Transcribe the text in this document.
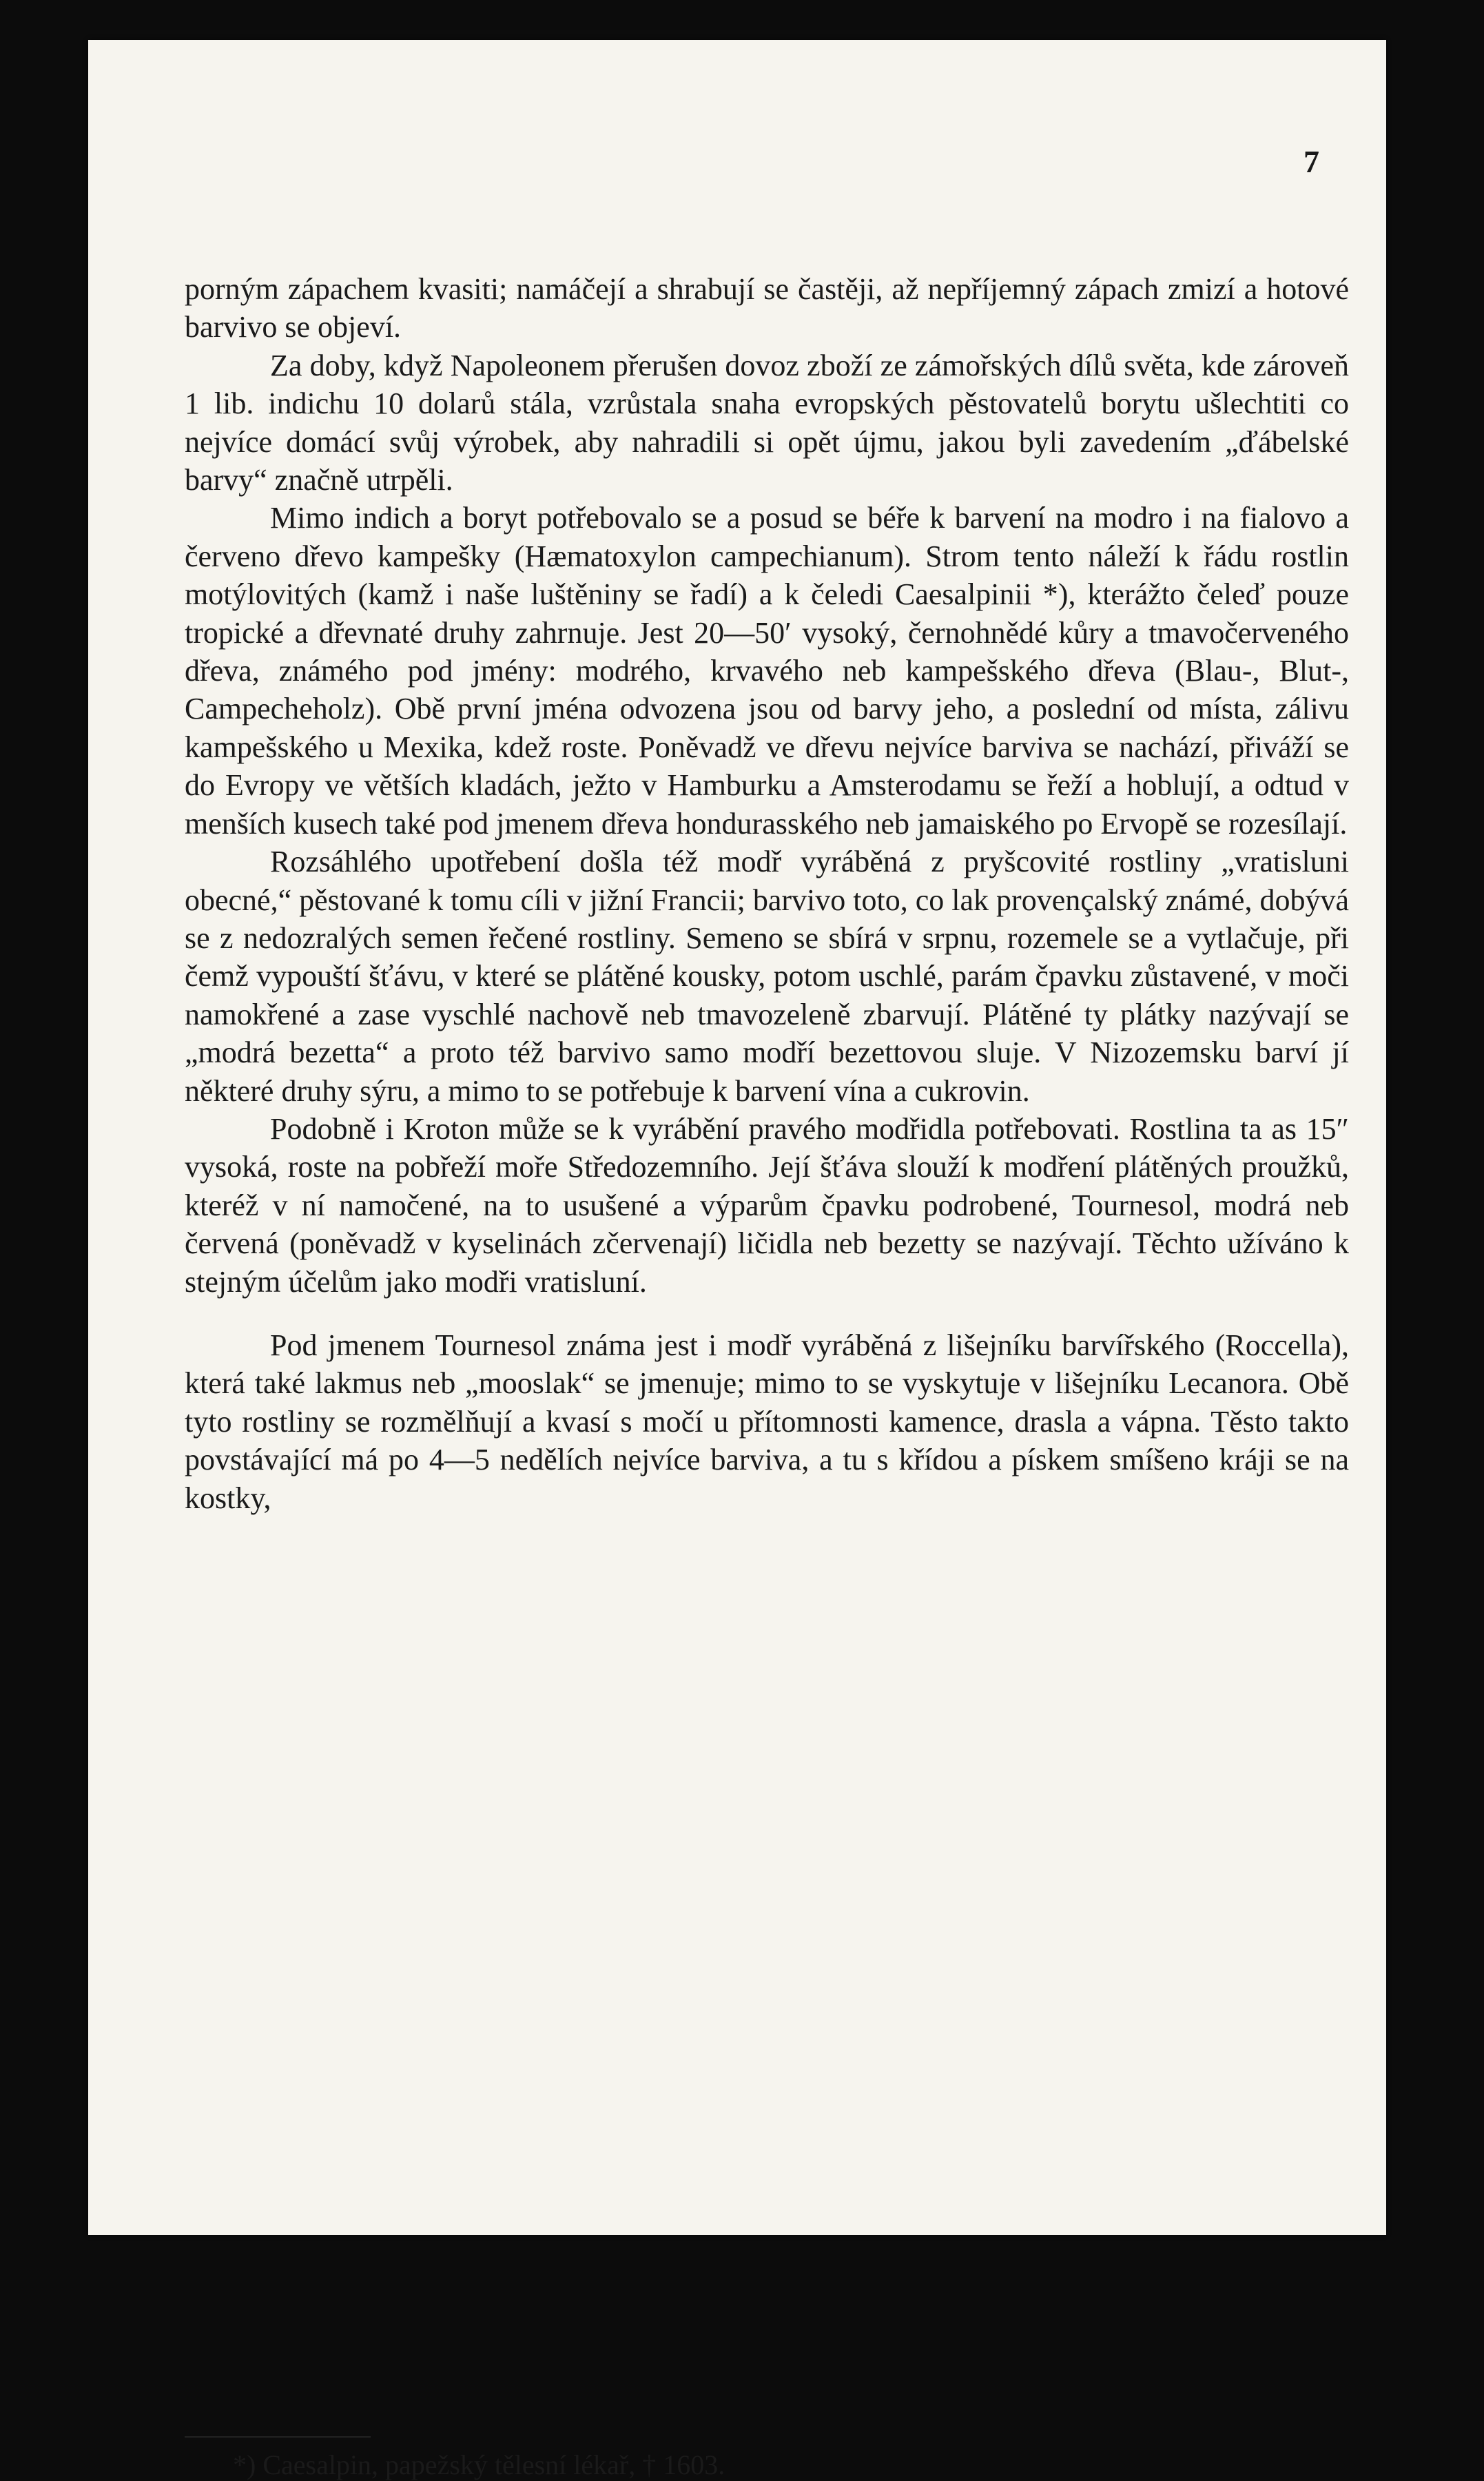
7

porným zápachem kvasiti; namáčejí a shrabují se častěji, až nepříjemný zápach zmizí a hotové barvivo se objeví.

Za doby, když Napoleonem přerušen dovoz zboží ze zámořských dílů světa, kde zároveň 1 lib. indichu 10 dolarů stála, vzrůstala snaha evropských pěstovatelů borytu ušlechtiti co nejvíce domácí svůj výrobek, aby nahradili si opět újmu, jakou byli zavedením „ďábelské barvy“ značně utrpěli.

Mimo indich a boryt potřebovalo se a posud se béře k barvení na modro i na fialovo a červeno dřevo kampešky (Hæmatoxylon campechianum). Strom tento náleží k řádu rostlin motýlovitých (kamž i naše luštěniny se řadí) a k čeledi Caesalpinii *), kterážto čeleď pouze tropické a dřevnaté druhy zahrnuje. Jest 20—50′ vysoký, černohnědé kůry a tmavočerveného dřeva, známého pod jmény: modrého, krvavého neb kampešského dřeva (Blau-, Blut-, Campecheholz). Obě první jména odvozena jsou od barvy jeho, a poslední od místa, zálivu kampešského u Mexika, kdež roste. Poněvadž ve dřevu nejvíce barviva se nachází, přiváží se do Evropy ve větších kladách, ježto v Hamburku a Amsterodamu se řeží a hoblují, a odtud v menších kusech také pod jmenem dřeva hondurasského neb jamaiského po Ervopě se rozesílají.

Rozsáhlého upotřebení došla též modř vyráběná z pryšcovité rostliny „vratisluni obecné,“ pěstované k tomu cíli v jižní Francii; barvivo toto, co lak provençalský známé, dobývá se z nedozralých semen řečené rostliny. Semeno se sbírá v srpnu, rozemele se a vytlačuje, při čemž vypouští šťávu, v které se plátěné kousky, potom uschlé, parám čpavku zůstavené, v moči namokřené a zase vyschlé nachově neb tmavozeleně zbarvují. Plátěné ty plátky nazývají se „modrá bezetta“ a proto též barvivo samo modří bezettovou sluje. V Nizozemsku barví jí některé druhy sýru, a mimo to se potřebuje k barvení vína a cukrovin.

Podobně i Kroton může se k vyrábění pravého modřidla potřebovati. Rostlina ta as 15″ vysoká, roste na pobřeží moře Středozemního. Její šťáva slouží k modření plátěných proužků, kteréž v ní namočené, na to usušené a výparům čpavku podrobené, Tournesol, modrá neb červená (poněvadž v kyselinách zčervenají) ličidla neb bezetty se nazývají. Těchto užíváno k stejným účelům jako modři vratisluní.

Pod jmenem Tournesol známa jest i modř vyráběná z lišejníku barvířského (Roccella), která také lakmus neb „mooslak“ se jmenuje; mimo to se vyskytuje v lišejníku Lecanora. Obě tyto rostliny se rozmělňují a kvasí s močí u přítomnosti kamence, drasla a vápna. Těsto takto povstávající má po 4—5 nedělích nejvíce barviva, a tu s křídou a pískem smíšeno kráji se na kostky,

*) Caesalpin, papežský tělesní lékař, † 1603.
